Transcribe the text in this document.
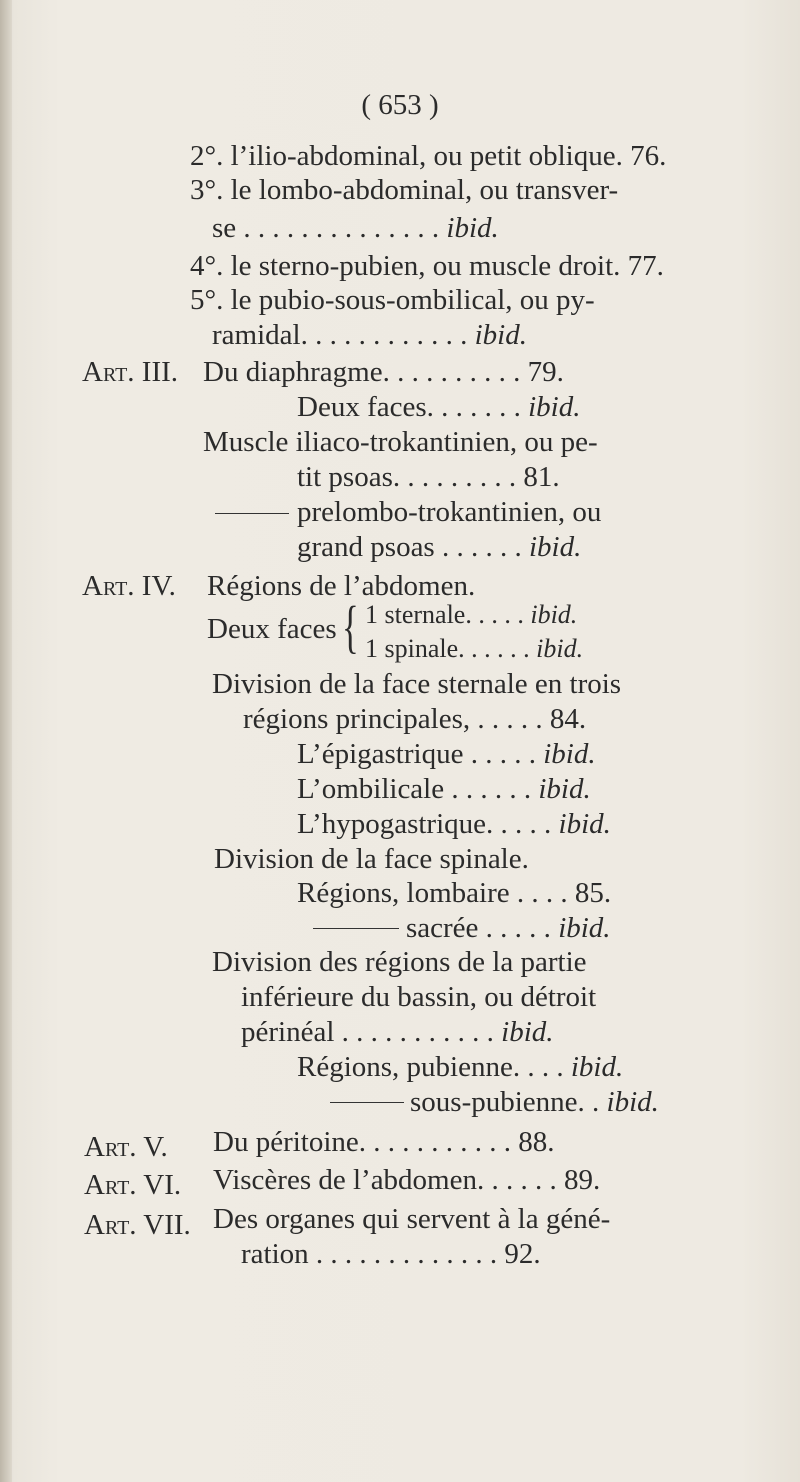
( 653 )
Art. III.
Art. IV.
Art. V.
Art. VI.
Art. VII.
2°. l’ilio-abdominal, ou petit oblique. 76.
3°. le lombo-abdominal, ou transver-
se . . . . . . . . . . . . . . ibid.
4°. le sterno-pubien, ou muscle droit. 77.
5°. le pubio-sous-ombilical, ou py-
ramidal. . . . . . . . . . . . ibid.
Du diaphragme. . . . . . . . . . 79.
Deux faces. . . . . . . ibid.
Muscle iliaco-trokantinien, ou pe-
tit psoas. . . . . . . . . 81.
prelombo-trokantinien, ou
grand psoas . . . . . . ibid.
Régions de l’abdomen.
Deux faces { 1 sternale. . . . . ibid.
1 spinale. . . . . . ibid.
Division de la face sternale en trois
régions principales, . . . . . 84.
L’épigastrique . . . . . ibid.
L’ombilicale . . . . . . ibid.
L’hypogastrique. . . . . ibid.
Division de la face spinale.
Régions, lombaire . . . . 85.
sacrée . . . . . ibid.
Division des régions de la partie
inférieure du bassin, ou détroit
périnéal . . . . . . . . . . . ibid.
Régions, pubienne. . . . ibid.
sous-pubienne. . ibid.
Du péritoine. . . . . . . . . . . 88.
Viscères de l’abdomen. . . . . . 89.
Des organes qui servent à la géné-
ration . . . . . . . . . . . . . 92.
